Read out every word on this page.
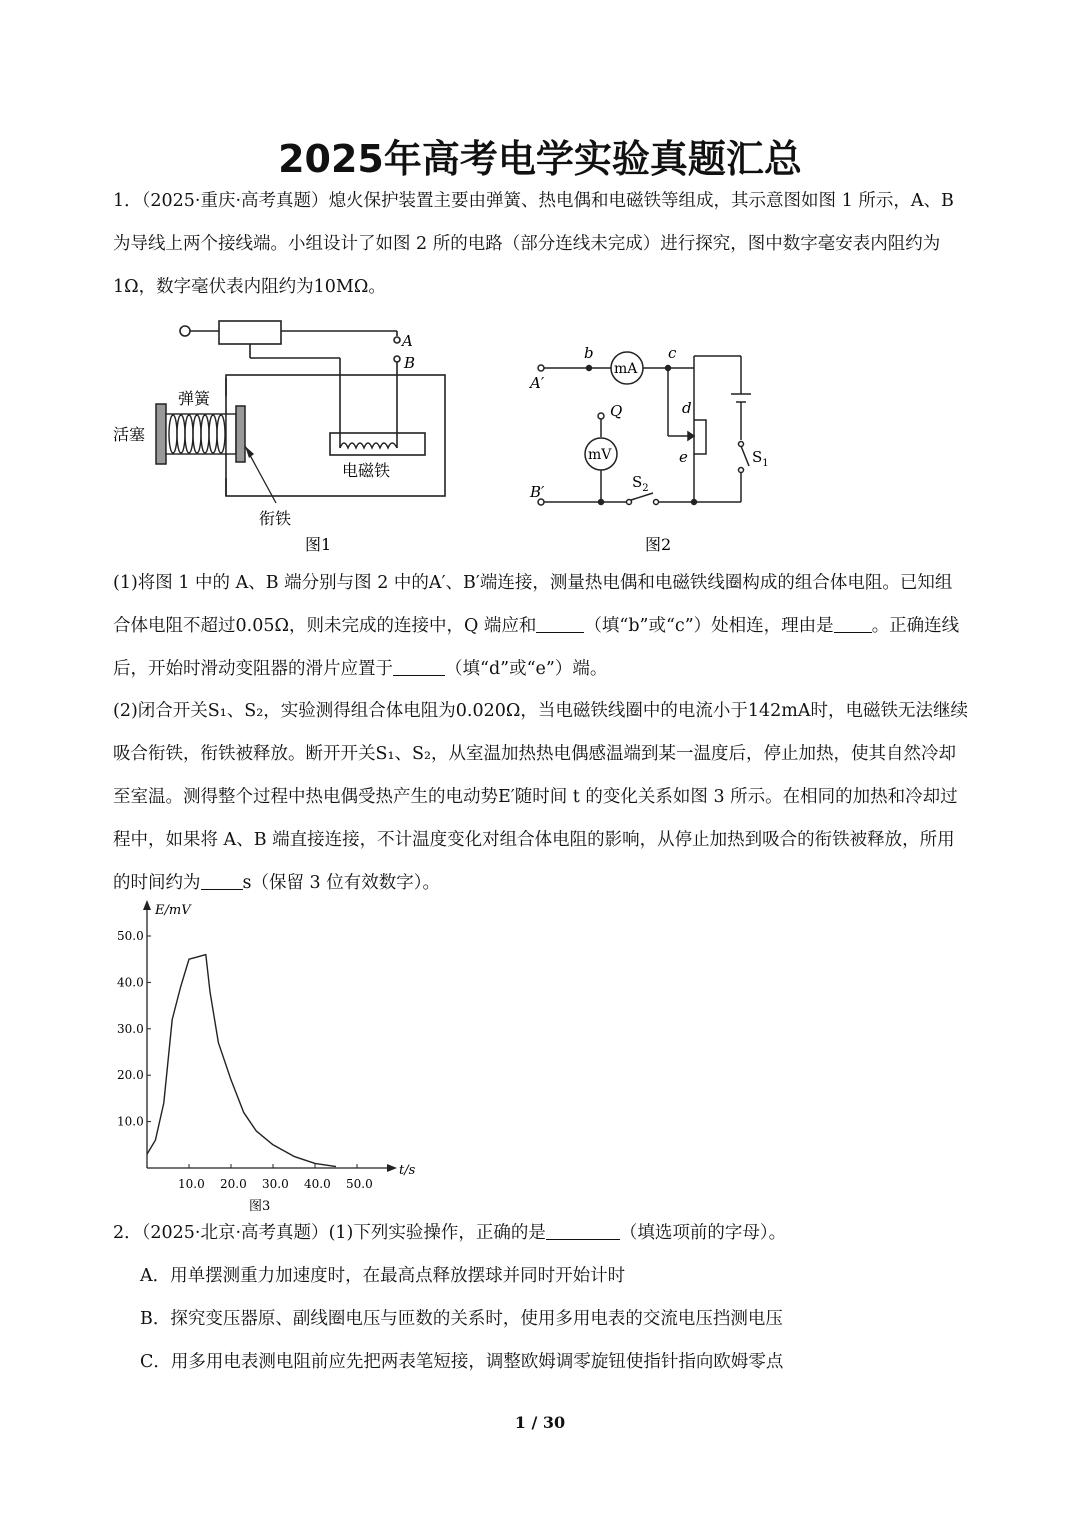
2025年高考电学实验真题汇总
1．（2025·重庆·高考真题）熄火保护装置主要由弹簧、热电偶和电磁铁等组成，其示意图如图 1 所示，A、B 为导线上两个接线端。小组设计了如图 2 所的电路（部分连线未完成）进行探究，图中数字毫安表内阻约为1Ω，数字毫伏表内阻约为10MΩ。
A
B
弹簧
活塞
电磁铁
衔铁
图1
A′
B′
b	c
d
e
Q
mA
mV	$S_1$
$S_2$
图2
(1)将图 1 中的 A、B 端分别与图 2 中的A′、B′端连接，测量热电偶和电磁铁线圈构成的组合体电阻。已知组合体电阻不超过0.05Ω，则未完成的连接中，Q 端应和	（填“b”或“c”）处相连，理由是 。正确连线后，开始时滑动变阻器的滑片应置于	（填“d”或“e”）端。
(2)闭合开关S₁、S₂，实验测得组合体电阻为0.020Ω，当电磁铁线圈中的电流小于142mA时，电磁铁无法继续吸合衔铁，衔铁被释放。断开开关S₁、S₂，从室温加热热电偶感温端到某一温度后，停止加热，使其自然冷却至室温。测得整个过程中热电偶受热产生的电动势E′随时间 t 的变化关系如图 3 所示。在相同的加热和冷却过程中，如果将 A、B 端直接连接，不计温度变化对组合体电阻的影响，从停止加热到吸合的衔铁被释放，所用的时间约为 s（保留 3 位有效数字）。
10.0 20.0 30.0 40.0 50.0
10.0
20.0
30.0
40.0
50.0
E/mV
t/s
图3
2．（2025·北京·高考真题）(1)下列实验操作，正确的是	（填选项前的字母）。
A．用单摆测重力加速度时，在最高点释放摆球并同时开始计时
B．探究变压器原、副线圈电压与匝数的关系时，使用多用电表的交流电压挡测电压
C．用多用电表测电阻前应先把两表笔短接，调整欧姆调零旋钮使指针指向欧姆零点
1 / 30
